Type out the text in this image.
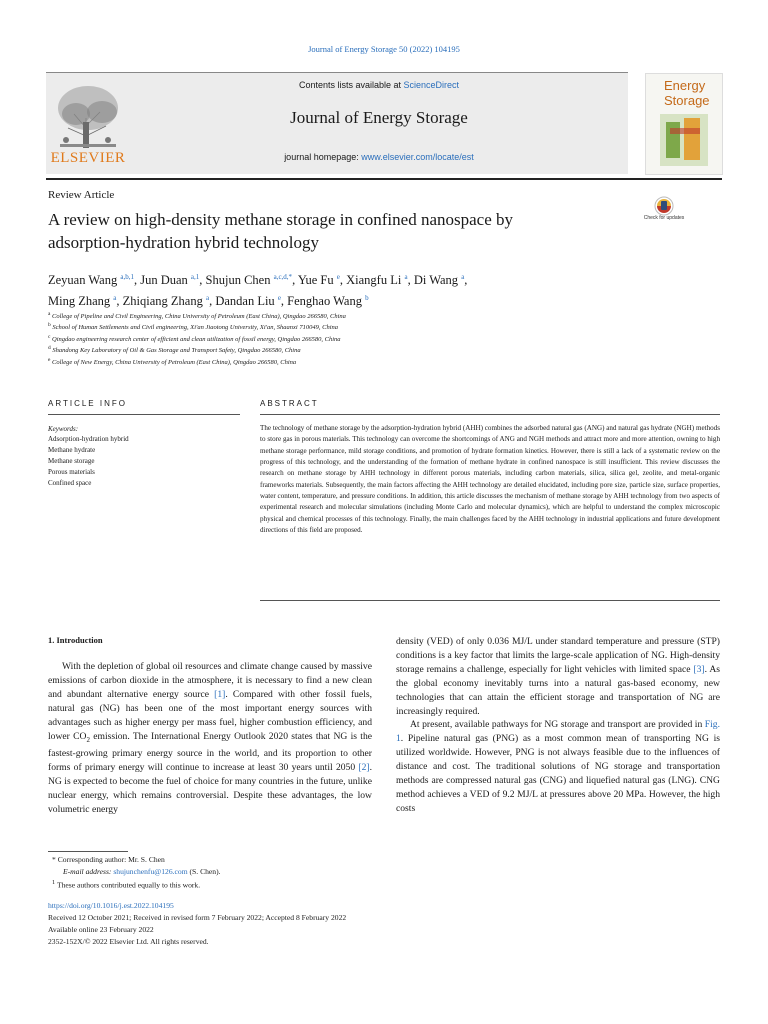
Journal of Energy Storage 50 (2022) 104195
ELSEVIER
Contents lists available at ScienceDirect
Journal of Energy Storage
journal homepage: www.elsevier.com/locate/est
Energy
Storage
Review Article
A review on high-density methane storage in confined nanospace by
adsorption-hydration hybrid technology
Check for updates
Zeyuan Wang $^{a,b,1}$, Jun Duan $^{a,1}$, Shujun Chen $^{a,c,d,*}$, Yue Fu $^e$, Xiangfu Li $^a$, Di Wang $^a$,
Ming Zhang $^a$, Zhiqiang Zhang $^a$, Dandan Liu $^e$, Fenghao Wang $^b$
$^a$ College of Pipeline and Civil Engineering, China University of Petroleum (East China), Qingdao 266580, China
$^b$ School of Human Settlements and Civil engineering, Xi'an Jiaotong University, Xi'an, Shaanxi 710049, China
$^c$ Qingdao engineering research center of efficient and clean utilization of fossil energy, Qingdao 266580, China
$^d$ Shandong Key Laboratory of Oil & Gas Storage and Transport Safety, Qingdao 266580, China
$^e$ College of New Energy, China University of Petroleum (East China), Qingdao 266580, China
ARTICLE INFO	ABSTRACT
Keywords:
Adsorption-hydration hybrid
Methane hydrate
Methane storage
Porous materials
Confined space
The technology of methane storage by the adsorption-hydration hybrid (AHH) combines the adsorbed natural gas (ANG) and natural gas hydrate (NGH) methods to store gas in porous materials. This technology can overcome the shortcomings of ANG and NGH methods and attract more and more attention, owning to high methane storage performance, mild storage conditions, and promotion of hydrate formation kinetics. However, there is still a lack of a systematic review on the progress of this technology, and the understanding of the formation of methane hydrate in confined nanospace is still insufficient. This review discusses the research on methane storage by AHH technology in different porous materials, including carbon materials, silica, silica gel, zeolite, and metal-organic frameworks materials. Subsequently, the main factors affecting the AHH technology are detailed elucidated, including pore size, particle size, surface properties, water content, temperature, and pressure conditions. In addition, this article discusses the mechanism of methane storage by AHH technology from two aspects of experimental research and molecular simulations (including Monte Carlo and molecular dynamics), which are helpful to understand the complex microscopic physical and chemical processes of this technology. Finally, the main challenges faced by the AHH technology in industrial applications and future development directions of this field are proposed.
1. Introduction

With the depletion of global oil resources and climate change caused by massive emissions of carbon dioxide in the atmosphere, it is necessary to find a new clean and abundant alternative energy source [1]. Compared with other fossil fuels, natural gas (NG) has been one of the most important energy sources with advantages such as higher energy per mass fuel, higher combustion efficiency, and lower $CO_2$ emission. The International Energy Outlook 2020 states that NG is the fastest-growing primary energy source in the world, and its proportion to other forms of primary energy will continue to increase at least 30 years until 2050 [2]. NG is expected to become the fuel of choice for many countries in the future, unlike nuclear energy, which remains controversial. Despite these advantages, the low volumetric energy

density (VED) of only 0.036 MJ/L under standard temperature and pressure (STP) conditions is a key factor that limits the large-scale application of NG. High-density storage remains a challenge, especially for light vehicles with limited space [3]. As the global economy inevitably turns into a natural gas-based economy, new technologies that can attain the efficient storage and transportation of NG are increasingly required.

At present, available pathways for NG storage and transport are provided in Fig. 1. Pipeline natural gas (PNG) as a most common mean of transporting NG is utilized worldwide. However, PNG is not always feasible due to the influences of distance and cost. The traditional solutions of NG storage and transportation methods are compressed natural gas (CNG) and liquefied natural gas (LNG). CNG method achieves a VED of 9.2 MJ/L at pressures above 20 MPa. However, the high costs

* Corresponding author: Mr. S. Chen
E-mail address: shujunchenfu@126.com (S. Chen).
$^1$ These authors contributed equally to this work.
https://doi.org/10.1016/j.est.2022.104195
Received 12 October 2021; Received in revised form 7 February 2022; Accepted 8 February 2022
Available online 23 February 2022
2352-152X/© 2022 Elsevier Ltd. All rights reserved.
